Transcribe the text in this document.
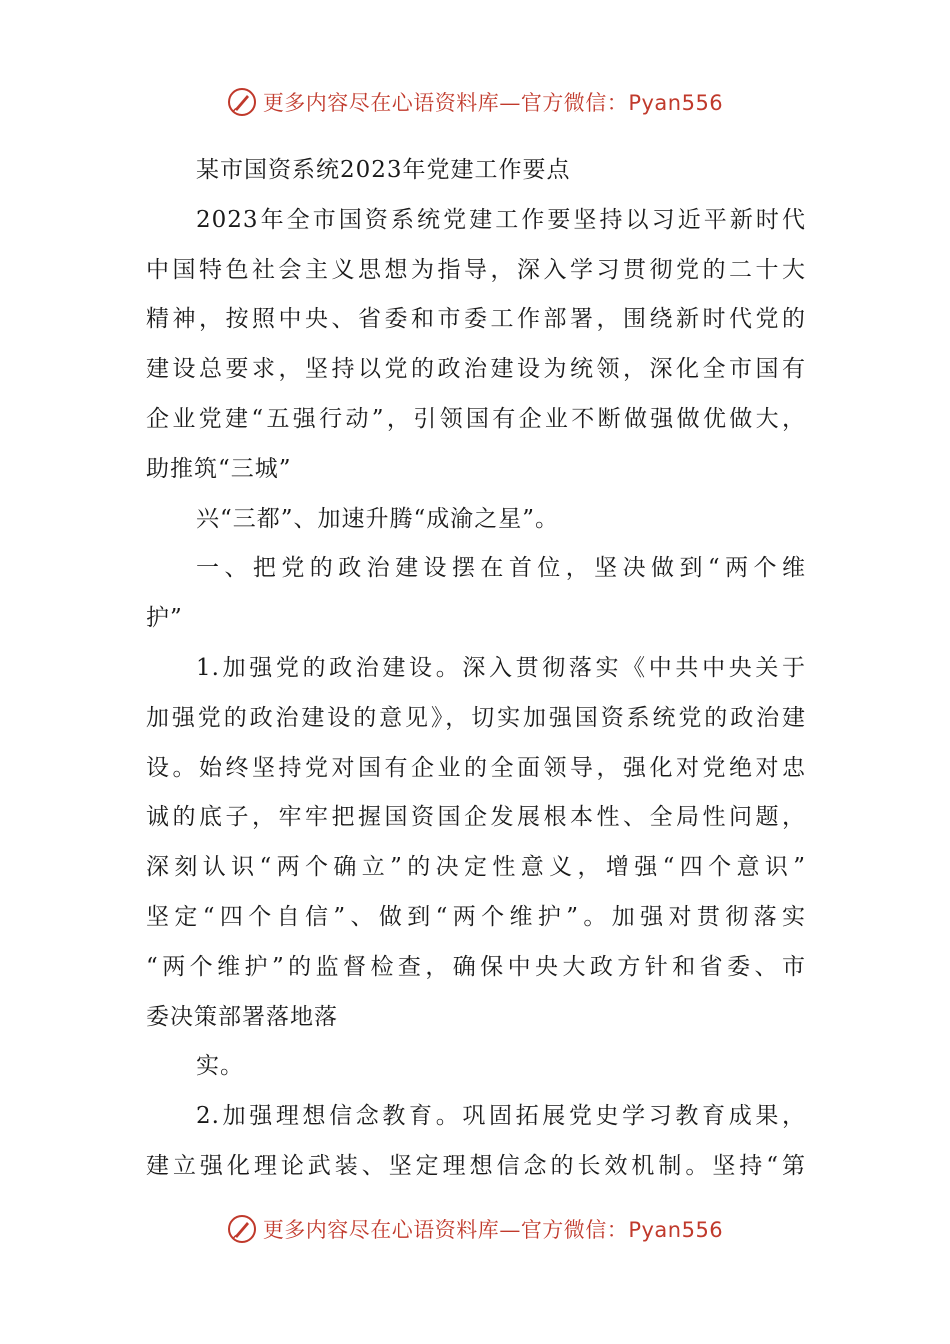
更多内容尽在心语资料库—官方微信：Pyan556
某市国资系统2023年党建工作要点
2023年全市国资系统党建工作要坚持以习近平新时代
中国特色社会主义思想为指导，深入学习贯彻党的二十大
精神，按照中央、省委和市委工作部署，围绕新时代党的
建设总要求，坚持以党的政治建设为统领，深化全市国有
企业党建“五强行动”，引领国有企业不断做强做优做大，
助推筑“三城”
兴“三都”、加速升腾“成渝之星”。
一、把党的政治建设摆在首位，坚决做到“两个维
护”
1.加强党的政治建设。深入贯彻落实《中共中央关于
加强党的政治建设的意见》，切实加强国资系统党的政治建
设。始终坚持党对国有企业的全面领导，强化对党绝对忠
诚的底子，牢牢把握国资国企发展根本性、全局性问题，
深刻认识“两个确立”的决定性意义，增强“四个意识”
坚定“四个自信”、做到“两个维护”。加强对贯彻落实
“两个维护”的监督检查，确保中央大政方针和省委、市
委决策部署落地落
实。
2.加强理想信念教育。巩固拓展党史学习教育成果，
建立强化理论武装、坚定理想信念的长效机制。坚持“第
更多内容尽在心语资料库—官方微信：Pyan556
